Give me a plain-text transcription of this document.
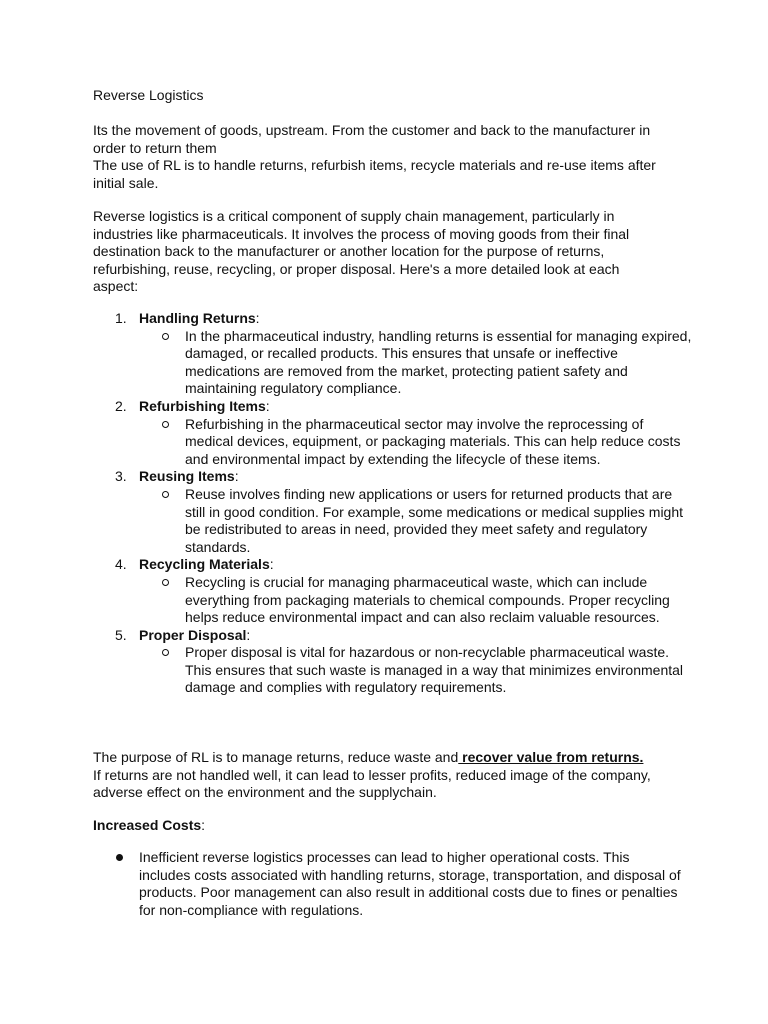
Reverse Logistics

Its the movement of goods, upstream. From the customer and back to the manufacturer in order to return them
The use of RL is to handle returns, refurbish items, recycle materials and re-use items after initial sale.

Reverse logistics is a critical component of supply chain management, particularly in industries like pharmaceuticals. It involves the process of moving goods from their final destination back to the manufacturer or another location for the purpose of returns, refurbishing, reuse, recycling, or proper disposal. Here's a more detailed look at each aspect:

1. Handling Returns:
In the pharmaceutical industry, handling returns is essential for managing expired, damaged, or recalled products. This ensures that unsafe or ineffective medications are removed from the market, protecting patient safety and maintaining regulatory compliance.
2. Refurbishing Items:
Refurbishing in the pharmaceutical sector may involve the reprocessing of medical devices, equipment, or packaging materials. This can help reduce costs and environmental impact by extending the lifecycle of these items.
3. Reusing Items:
Reuse involves finding new applications or users for returned products that are still in good condition. For example, some medications or medical supplies might be redistributed to areas in need, provided they meet safety and regulatory standards.
4. Recycling Materials:
Recycling is crucial for managing pharmaceutical waste, which can include everything from packaging materials to chemical compounds. Proper recycling helps reduce environmental impact and can also reclaim valuable resources.
5. Proper Disposal:
Proper disposal is vital for hazardous or non-recyclable pharmaceutical waste. This ensures that such waste is managed in a way that minimizes environmental damage and complies with regulatory requirements.
The purpose of RL is to manage returns, reduce waste and recover value from returns.
If returns are not handled well, it can lead to lesser profits, reduced image of the company, adverse effect on the environment and the supplychain.

Increased Costs:

Inefficient reverse logistics processes can lead to higher operational costs. This includes costs associated with handling returns, storage, transportation, and disposal of products. Poor management can also result in additional costs due to fines or penalties for non-compliance with regulations.
